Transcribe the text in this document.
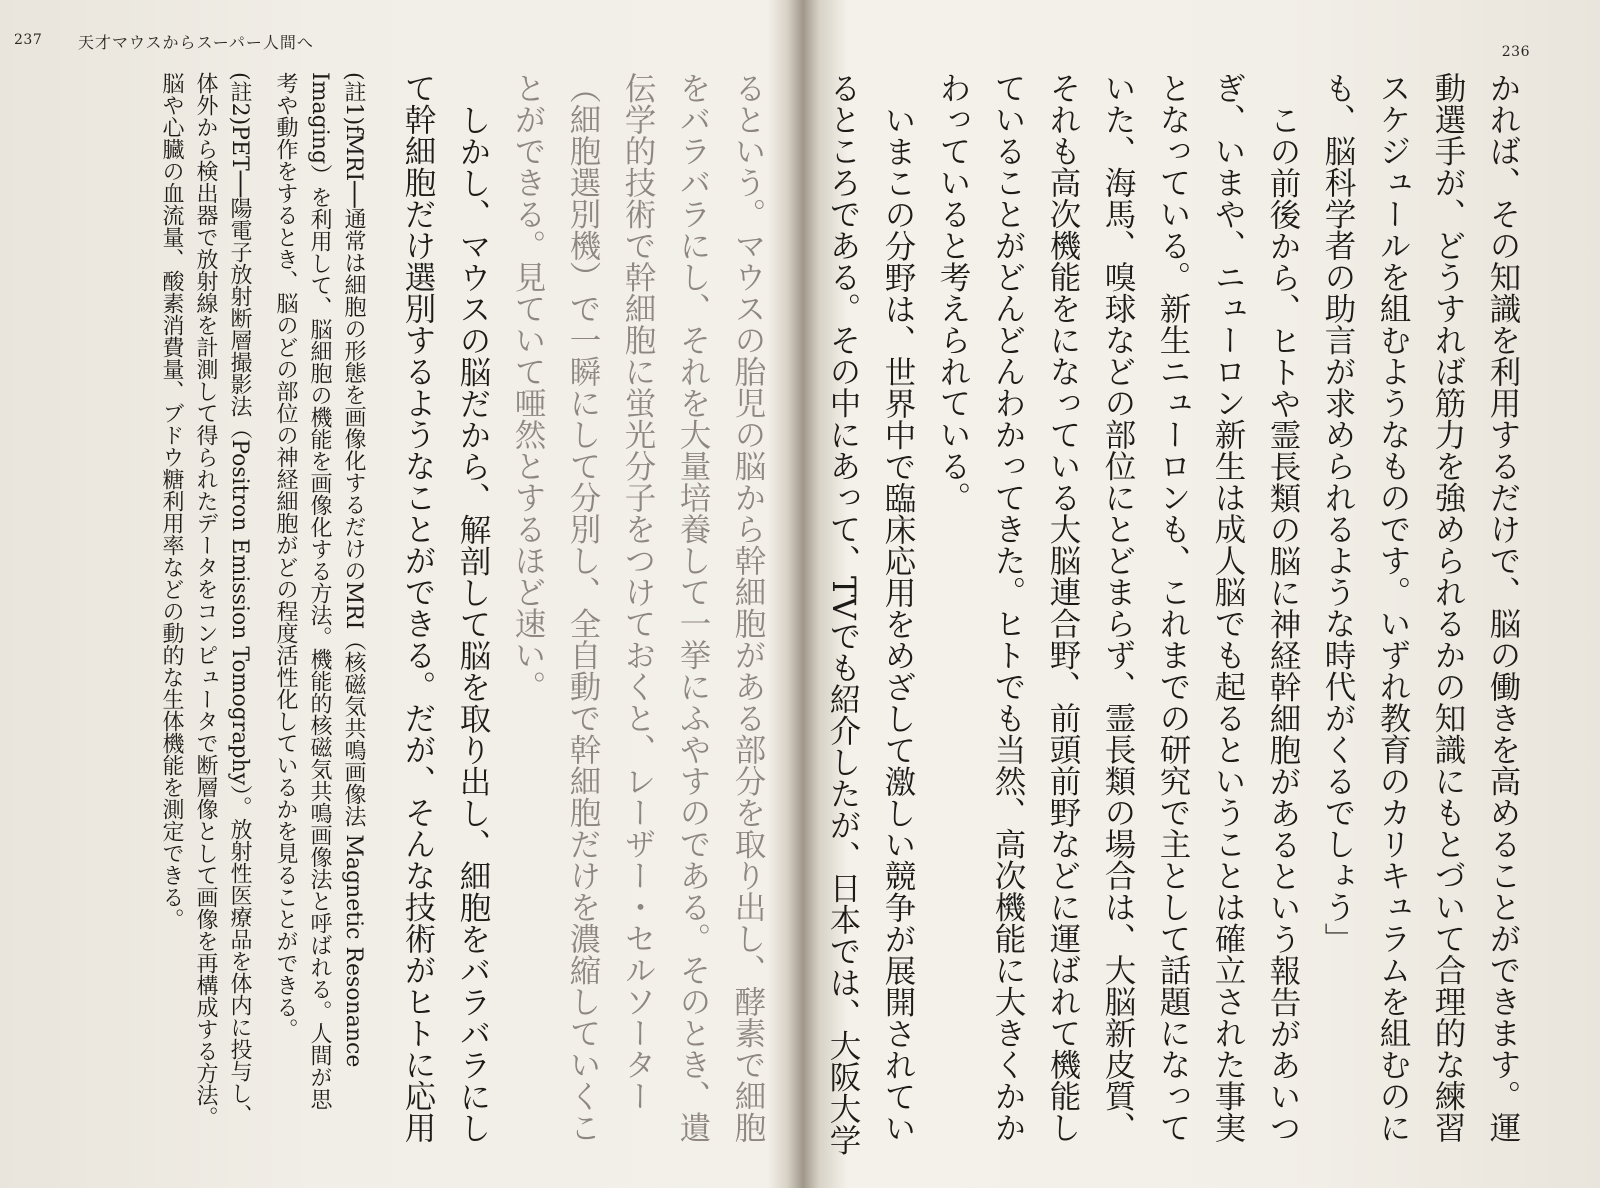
237 天才マウスからスーパー人間へ

るという。マウスの胎児の脳から幹細胞がある部分を取り出し、酵素で細胞をバラバラにし、それを大量培養して一挙にふやすのである。そのとき、遺伝学的技術で幹細胞に蛍光分子をつけておくと、レーザー・セルソーター（細胞選別機）で一瞬にして分別し、全自動で幹細胞だけを濃縮していくことができる。見ていて唖然とするほど速い。

しかし、マウスの脳だから、解剖して脳を取り出し、細胞をバラバラにして幹細胞だけ選別するようなことができる。だが、そんな技術がヒトに応用

(註1)fMRI──通常は細胞の形態を画像化するだけのMRI（核磁気共鳴画像法 Magnetic Resonance Imaging）を利用して、脳細胞の機能を画像化する方法。機能的核磁気共鳴画像法と呼ばれる。人間が思考や動作をするとき、脳のどの部位の神経細胞がどの程度活性化しているかを見ることができる。

(註2)PET──陽電子放射断層撮影法（Positron Emission Tomography）。放射性医療品を体内に投与し、体外から検出器で放射線を計測して得られたデータをコンピュータで断層像として画像を再構成する方法。脳や心臓の血流量、酸素消費量、ブドウ糖利用率などの動的な生体機能を測定できる。

236

かれば、その知識を利用するだけで、脳の働きを高めることができます。運動選手が、どうすれば筋力を強められるかの知識にもとづいて合理的な練習スケジュールを組むようなものです。いずれ教育のカリキュラムを組むのにも、脳科学者の助言が求められるような時代がくるでしょう」

この前後から、ヒトや霊長類の脳に神経幹細胞があるという報告があいつぎ、いまや、ニューロン新生は成人脳でも起るということは確立された事実となっている。新生ニューロンも、これまでの研究で主として話題になっていた、海馬、嗅球などの部位にとどまらず、霊長類の場合は、大脳新皮質、それも高次機能をになっている大脳連合野、前頭前野などに運ばれて機能していることがどんどんわかってきた。ヒトでも当然、高次機能に大きくかかわっていると考えられている。

いまこの分野は、世界中で臨床応用をめざして激しい競争が展開されているところである。その中にあって、TVでも紹介したが、日本では、大阪大学
